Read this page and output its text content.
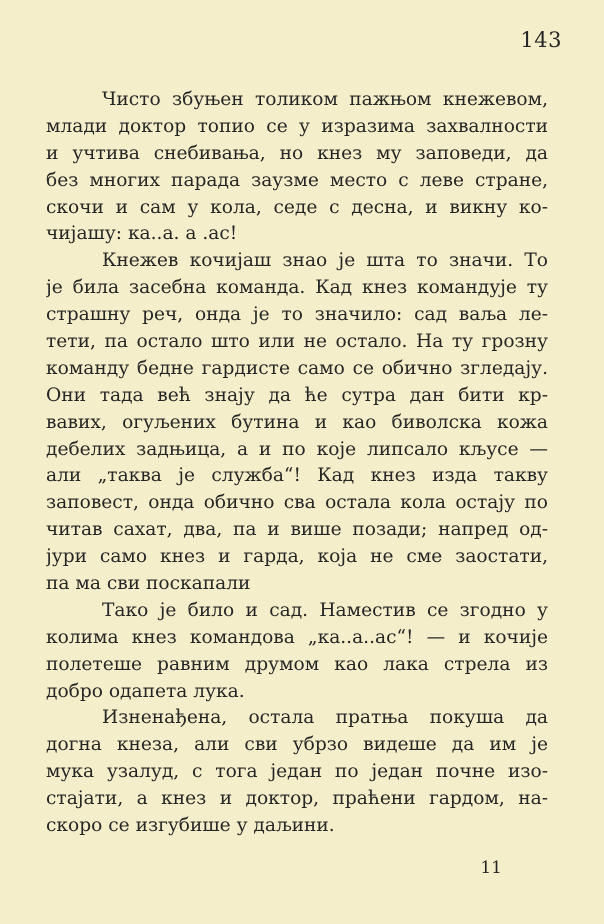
143
Чисто збуњен толиком пажњом кнежевом,
млади доктор топио се у изразима захвалности
и учтива снебивања, но кнез му заповеди, да
без многих парада заузме место с леве стране,
скочи и сам у кола, седе с десна, и викну ко-
чијашу: ка..а. а .ас!
Кнежев кочијаш знао је шта то значи. То
је била засебна команда. Кад кнез командује ту
страшну реч, онда је то значило: сад ваља ле-
тети, па остало што или не остало. На ту грозну
команду бедне гардисте само се обично згледају.
Они тада већ знају да ће сутра дан бити кр-
вавих, огуљених бутина и као биволска кожа
дебелих задњица, а и по које липсало кљусе —
али „таква је служба“! Кад кнез изда такву
заповест, онда обично сва остала кола остају по
читав сахат, два, па и више позади; напред од-
јури само кнез и гарда, која не сме заостати,
па ма сви поскапали
Тако је било и сад. Наместив се згодно у
колима кнез командова „ка..а..ас“! — и кочије
полетеше равним друмом као лака стрела из
добро одапета лука.
Изненађена, остала пратња покуша да
догна кнеза, али сви убрзо видеше да им је
мука узалуд, с тога један по један почне изо-
стајати, а кнез и доктор, праћени гардом, на-
скоро се изгубише у даљини.
11
